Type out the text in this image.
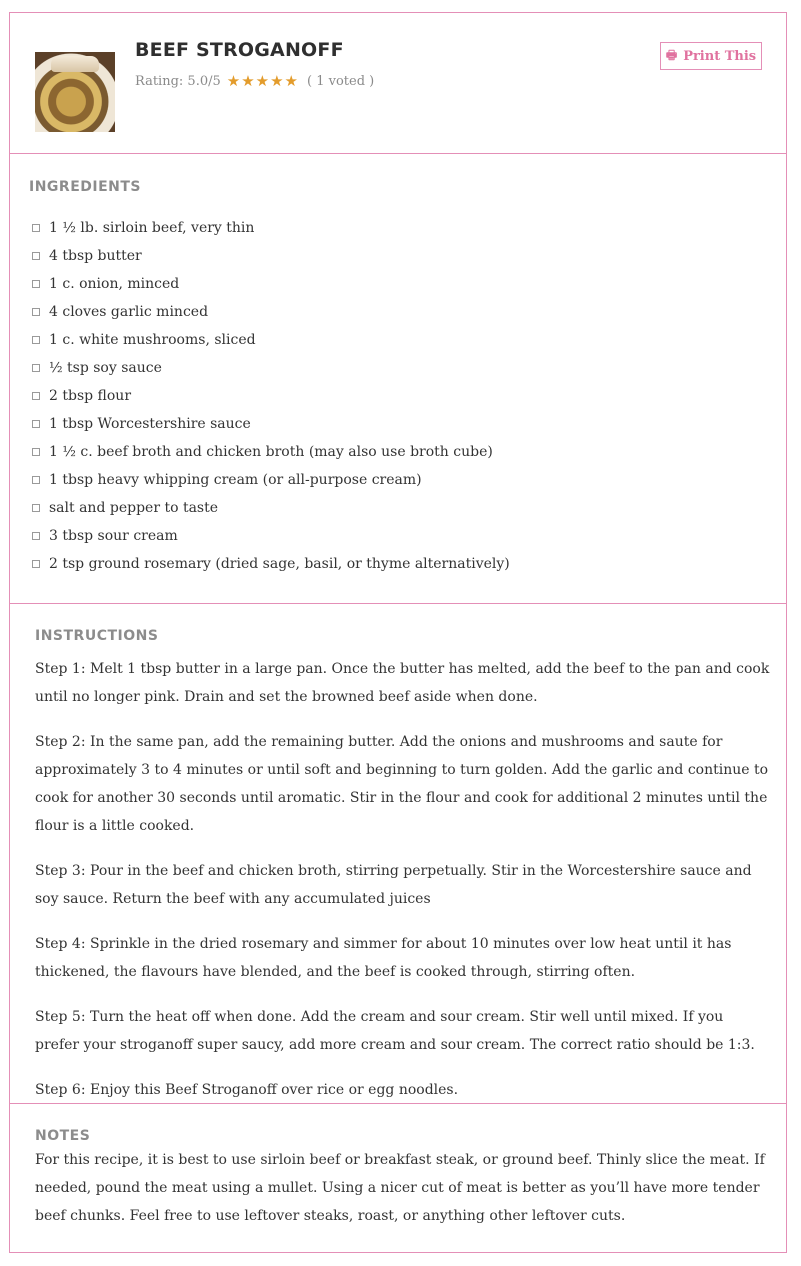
BEEF STROGANOFF
Rating: 5.0/5 ★★★★★ ( 1 voted )
🖶 Print This
INGREDIENTS
1 ½ lb. sirloin beef, very thin
4 tbsp butter
1 c. onion, minced
4 cloves garlic minced
1 c. white mushrooms, sliced
½ tsp soy sauce
2 tbsp flour
1 tbsp Worcestershire sauce
1 ½ c. beef broth and chicken broth (may also use broth cube)
1 tbsp heavy whipping cream (or all-purpose cream)
salt and pepper to taste
3 tbsp sour cream
2 tsp ground rosemary (dried sage, basil, or thyme alternatively)
INSTRUCTIONS

Step 1: Melt 1 tbsp butter in a large pan. Once the butter has melted, add the beef to the pan and cook until no longer pink. Drain and set the browned beef aside when done.

Step 2: In the same pan, add the remaining butter. Add the onions and mushrooms and saute for approximately 3 to 4 minutes or until soft and beginning to turn golden. Add the garlic and continue to cook for another 30 seconds until aromatic. Stir in the flour and cook for additional 2 minutes until the flour is a little cooked.

Step 3: Pour in the beef and chicken broth, stirring perpetually. Stir in the Worcestershire sauce and soy sauce. Return the beef with any accumulated juices

Step 4: Sprinkle in the dried rosemary and simmer for about 10 minutes over low heat until it has thickened, the flavours have blended, and the beef is cooked through, stirring often.

Step 5: Turn the heat off when done. Add the cream and sour cream. Stir well until mixed. If you prefer your stroganoff super saucy, add more cream and sour cream. The correct ratio should be 1:3.

Step 6: Enjoy this Beef Stroganoff over rice or egg noodles.

NOTES

For this recipe, it is best to use sirloin beef or breakfast steak, or ground beef. Thinly slice the meat. If needed, pound the meat using a mullet. Using a nicer cut of meat is better as you’ll have more tender beef chunks. Feel free to use leftover steaks, roast, or anything other leftover cuts.
